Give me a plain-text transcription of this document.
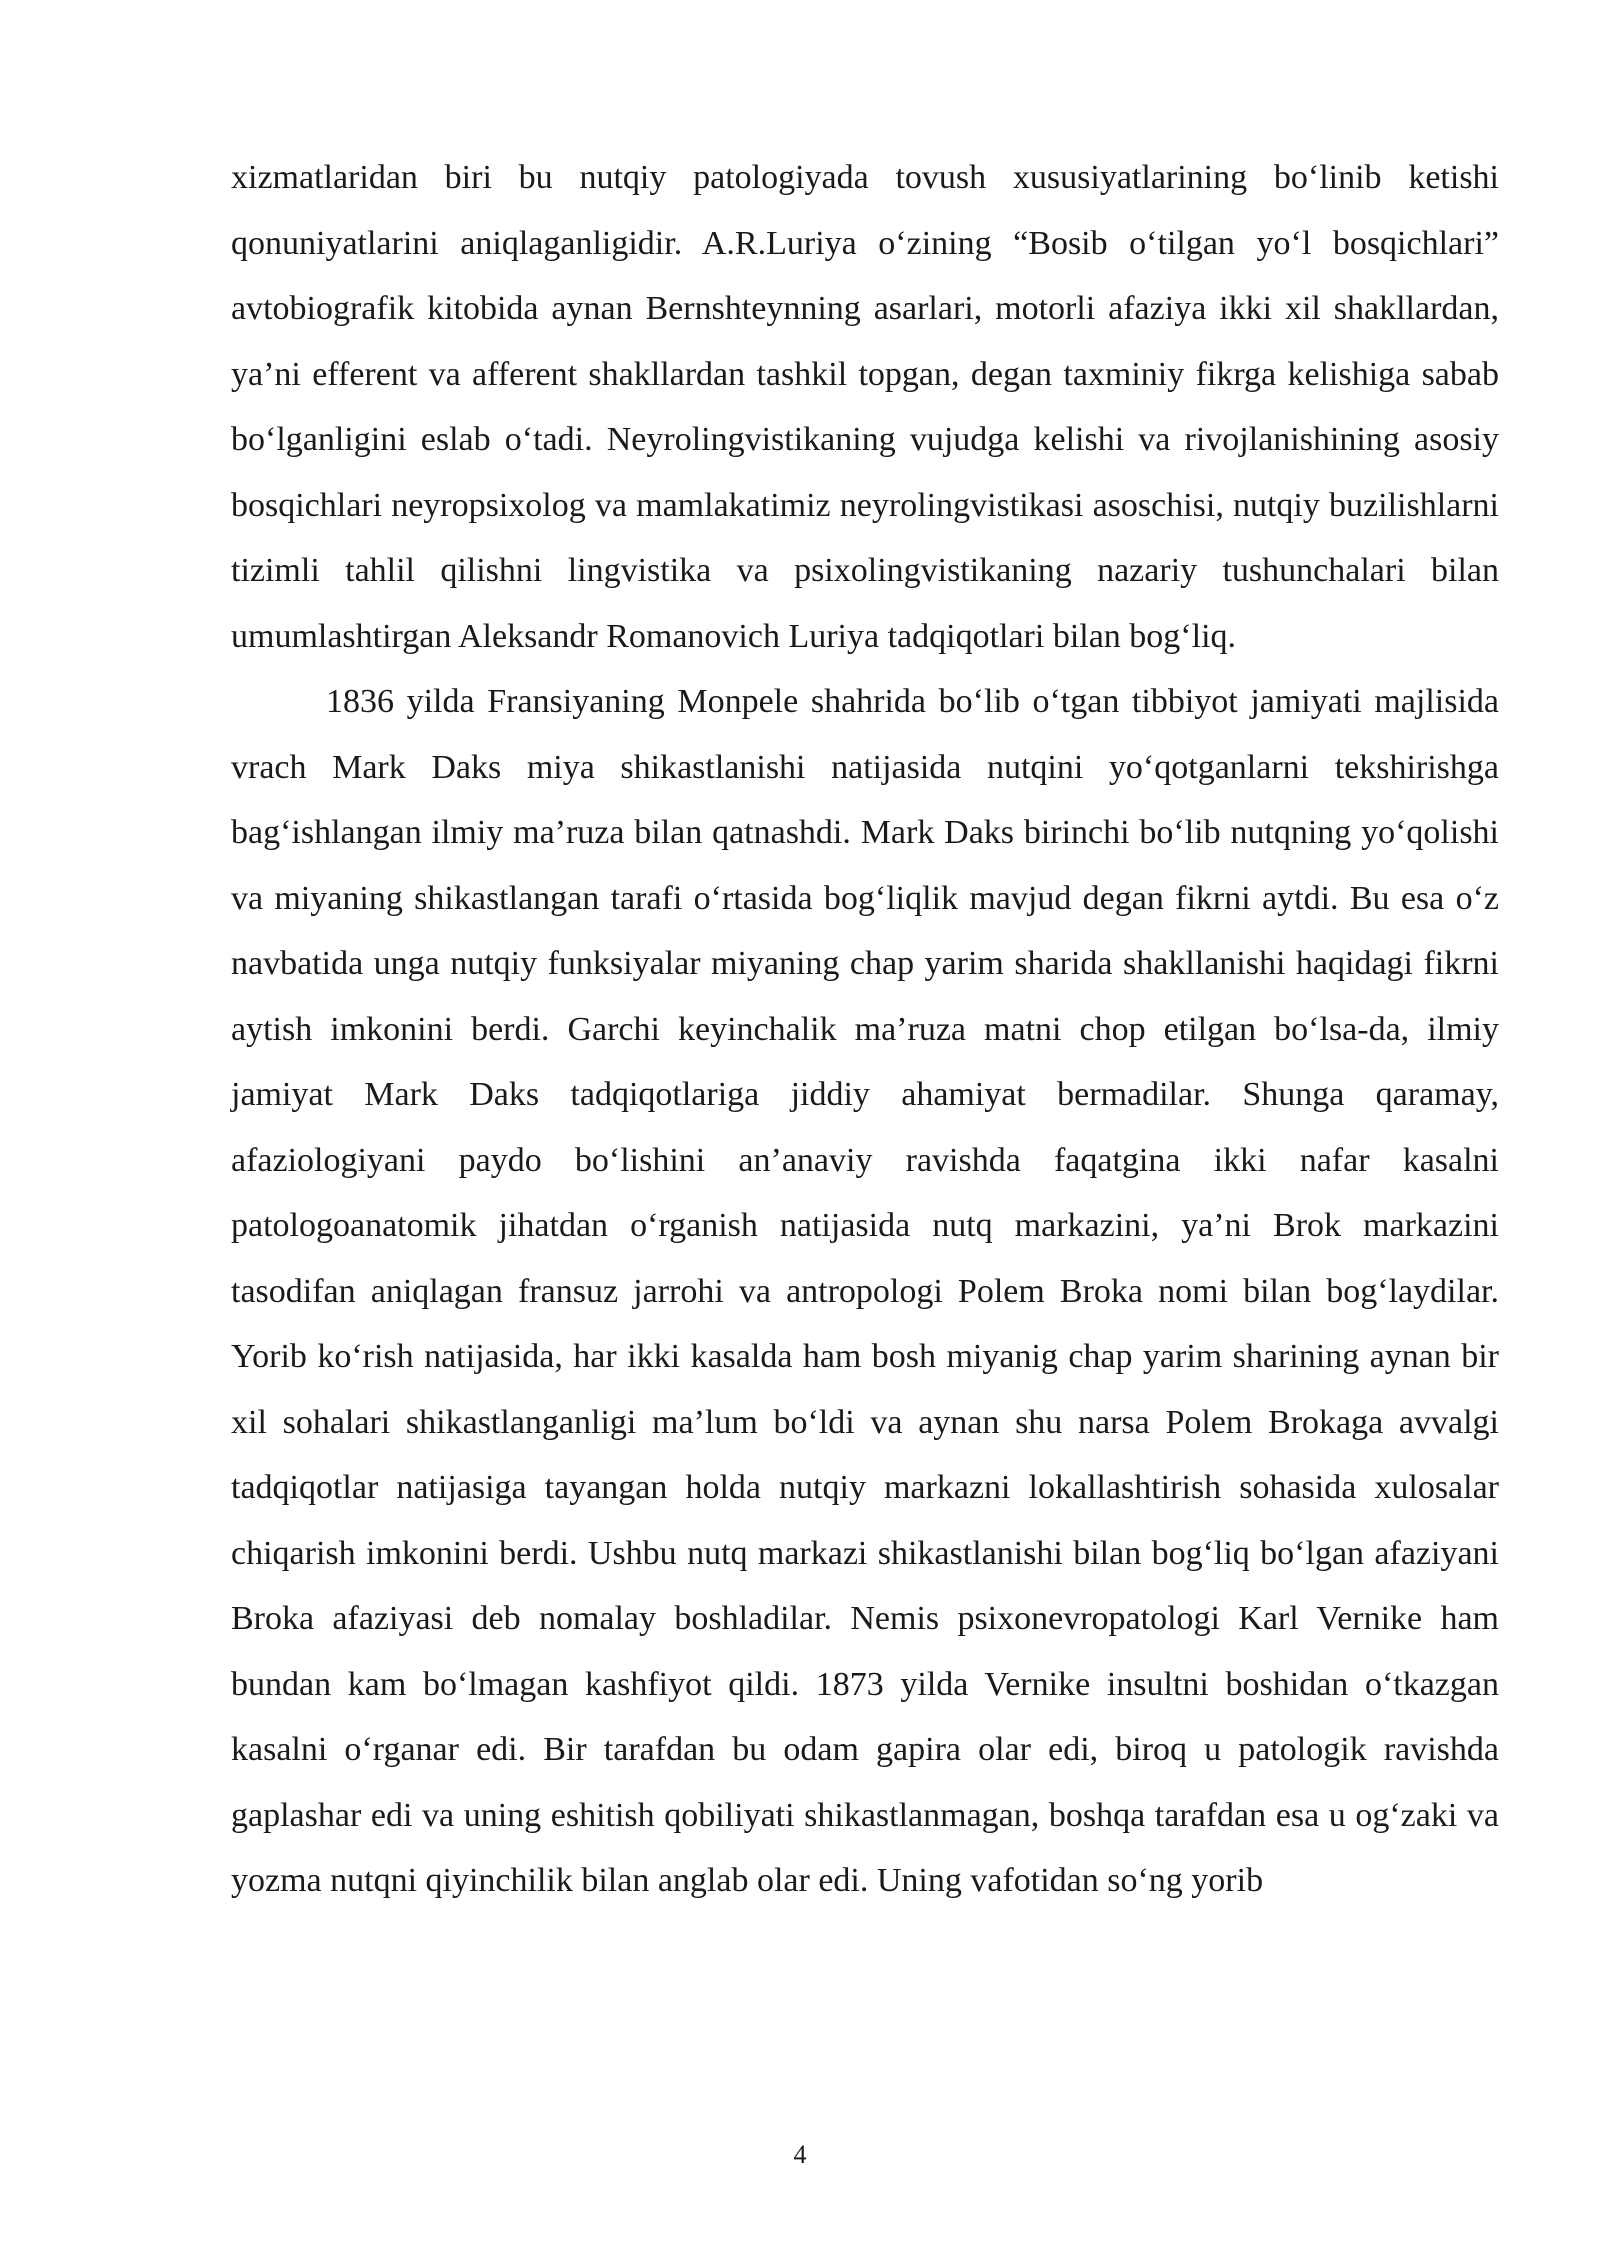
xizmatlaridan biri bu nutqiy patologiyada tovush xususiyatlarining bo‘linib ketishi qonuniyatlarini aniqlaganligidir. A.R.Luriya o‘zining “Bosib o‘tilgan yo‘l bosqichlari” avtobiografik kitobida aynan Bernshteynning asarlari, motorli afaziya ikki xil shakllardan, ya’ni efferent va afferent shakllardan tashkil topgan, degan taxminiy fikrga kelishiga sabab bo‘lganligini eslab o‘tadi. Neyrolingvistikaning vujudga kelishi va rivojlanishining asosiy bosqichlari neyropsixolog va mamlakatimiz neyrolingvistikasi asoschisi, nutqiy buzilishlarni tizimli tahlil qilishni lingvistika va psixolingvistikaning nazariy tushunchalari bilan umumlashtirgan Aleksandr Romanovich Luriya tadqiqotlari bilan bog‘liq.

1836 yilda Fransiyaning Monpele shahrida bo‘lib o‘tgan tibbiyot jamiyati majlisida vrach Mark Daks miya shikastlanishi natijasida nutqini yo‘qotganlarni tekshirishga bag‘ishlangan ilmiy ma’ruza bilan qatnashdi. Mark Daks birinchi bo‘lib nutqning yo‘qolishi va miyaning shikastlangan tarafi o‘rtasida bog‘liqlik mavjud degan fikrni aytdi. Bu esa o‘z navbatida unga nutqiy funksiyalar miyaning chap yarim sharida shakllanishi haqidagi fikrni aytish imkonini berdi. Garchi keyinchalik ma’ruza matni chop etilgan bo‘lsa-da, ilmiy jamiyat Mark Daks tadqiqotlariga jiddiy ahamiyat bermadilar. Shunga qaramay, afaziologiyani paydo bo‘lishini an’anaviy ravishda faqatgina ikki nafar kasalni patologoanatomik jihatdan o‘rganish natijasida nutq markazini, ya’ni Brok markazini tasodifan aniqlagan fransuz jarrohi va antropologi Polem Broka nomi bilan bog‘laydilar. Yorib ko‘rish natijasida, har ikki kasalda ham bosh miyanig chap yarim sharining aynan bir xil sohalari shikastlanganligi ma’lum bo‘ldi va aynan shu narsa Polem Brokaga avvalgi tadqiqotlar natijasiga tayangan holda nutqiy markazni lokallashtirish sohasida xulosalar chiqarish imkonini berdi. Ushbu nutq markazi shikastlanishi bilan bog‘liq bo‘lgan afaziyani Broka afaziyasi deb nomalay boshladilar. Nemis psixonevropatologi Karl Vernike ham bundan kam bo‘lmagan kashfiyot qildi. 1873 yilda Vernike insultni boshidan o‘tkazgan kasalni o‘rganar edi. Bir tarafdan bu odam gapira olar edi, biroq u patologik ravishda gaplashar edi va uning eshitish qobiliyati shikastlanmagan, boshqa tarafdan esa u og‘zaki va yozma nutqni qiyinchilik bilan anglab olar edi. Uning vafotidan so‘ng yorib

4
